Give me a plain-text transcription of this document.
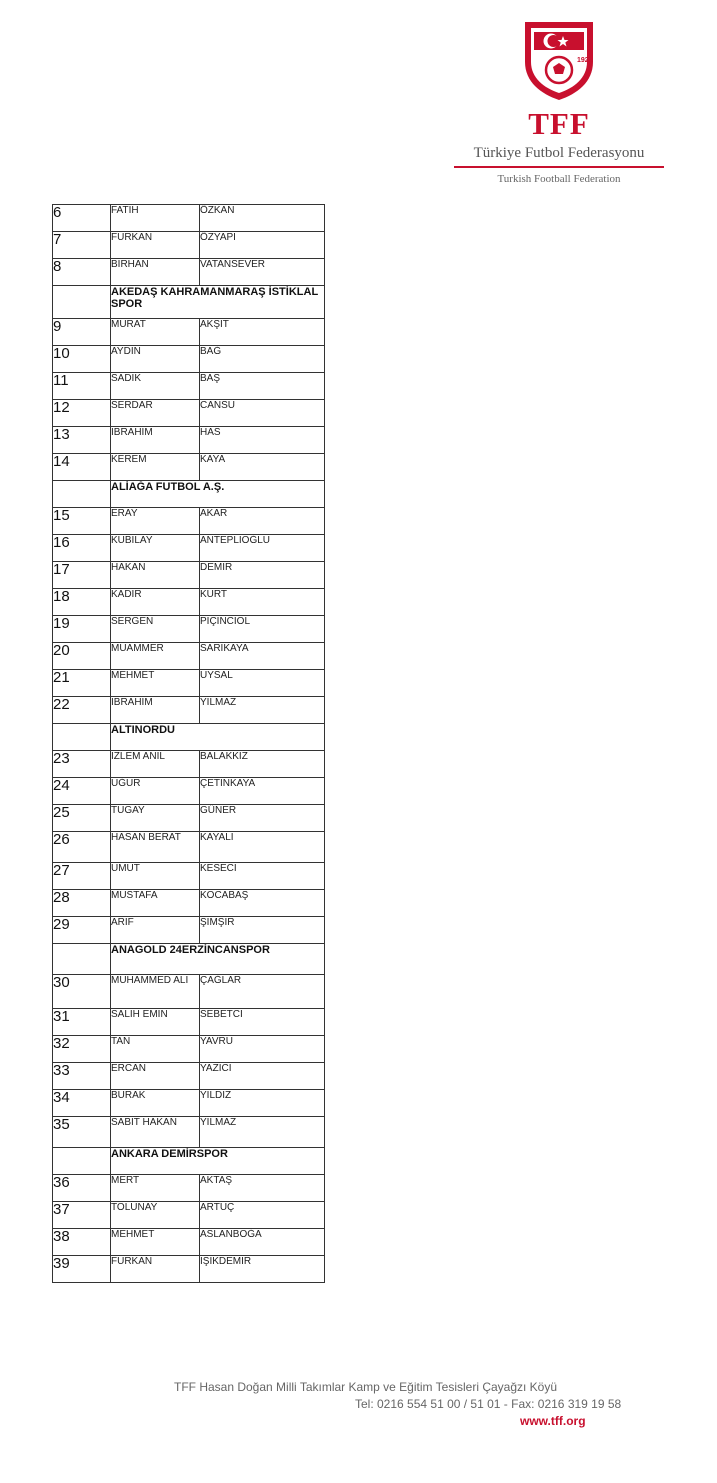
1923
TFF
Türkiye Futbol Federasyonu
Turkish Football Federation
6	FATİH	ÖZKAN
7	FURKAN	ÖZYAPI
8	BİRHAN	VATANSEVER
	AKEDAŞ KAHRAMANMARAŞ İSTİKLAL SPOR	
9	MURAT	AKŞİT
10	AYDIN	BAĞ
11	SADIK	BAŞ
12	SERDAR	CANSU
13	İBRAHİM	HAS
14	KEREM	KAYA
	ALİAĞA FUTBOL A.Ş.	
15	ERAY	AKAR
16	KUBİLAY	ANTEPLİOĞLU
17	HAKAN	DEMİR
18	KADİR	KURT
19	SERGEN	PİÇİNCİOL
20	MUAMMER	SARIKAYA
21	MEHMET	UYSAL
22	İBRAHİM	YILMAZ
	ALTINORDU	
23	İZLEM ANIL	BALAKKIZ
24	UĞUR	ÇETİNKAYA
25	TUGAY	GÜNER
26	HASAN BERAT	KAYALI
27	UMUT	KESECİ
28	MUSTAFA	KOCABAŞ
29	ARİF	ŞİMŞİR
	ANAGOLD 24ERZİNCANSPOR	
30	MUHAMMED ALİ	ÇAĞLAR
31	SALİH EMİN	SEBETCİ
32	TAN	YAVRU
33	ERCAN	YAZICI
34	BURAK	YILDIZ
35	SABİT HAKAN	YILMAZ
	ANKARA DEMİRSPOR	
36	MERT	AKTAŞ
37	TOLUNAY	ARTUÇ
38	MEHMET	ASLANBOĞA
39	FURKAN	IŞIKDEMİR
TFF Hasan Doğan Milli Takımlar Kamp ve Eğitim Tesisleri Çayağzı Köyü
Tel: 0216 554 51 00 / 51 01 - Fax: 0216 319 19 58
www.tff.org
